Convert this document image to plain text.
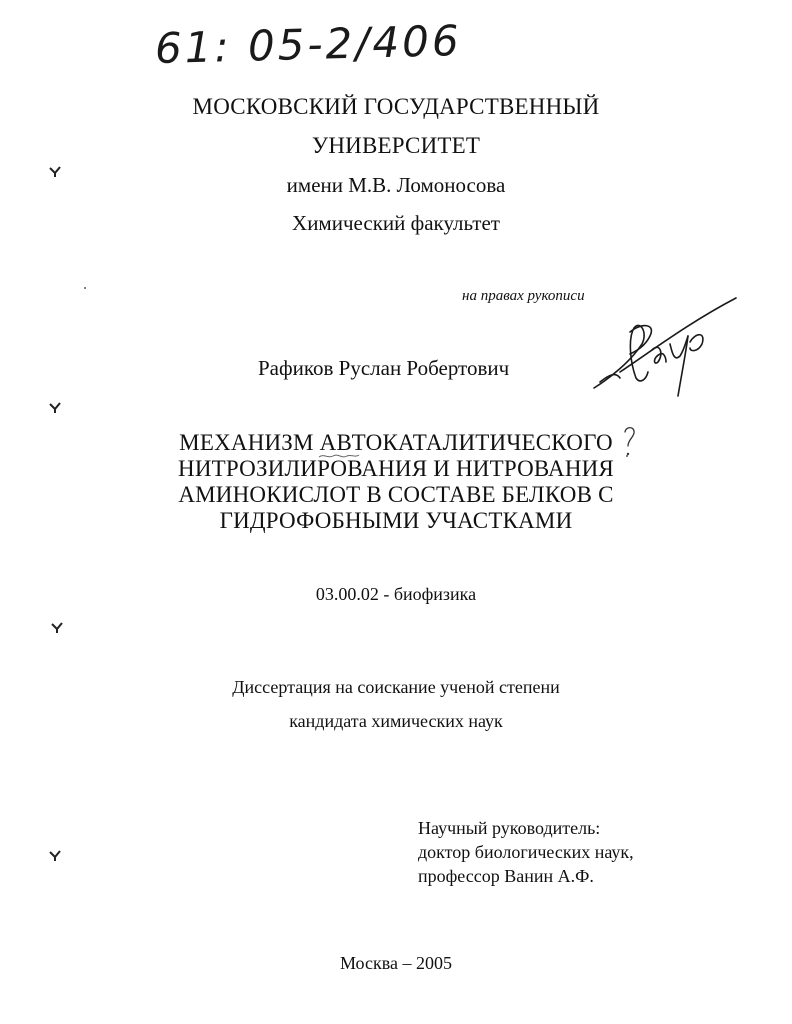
61: 05-2/406
МОСКОВСКИЙ ГОСУДАРСТВЕННЫЙ
УНИВЕРСИТЕТ
имени М.В. Ломоносова
Химический факультет
на правах рукописи
Рафиков Руслан Робертович
МЕХАНИЗМ АВТОКАТАЛИТИЧЕСКОГО
НИТРОЗИЛИРОВАНИЯ И НИТРОВАНИЯ
АМИНОКИСЛОТ В СОСТАВЕ БЕЛКОВ С
ГИДРОФОБНЫМИ УЧАСТКАМИ
03.00.02 - биофизика
Диссертация на соискание ученой степени
кандидата химических наук
Научный руководитель:
доктор биологических наук,
профессор Ванин А.Ф.
Москва – 2005
